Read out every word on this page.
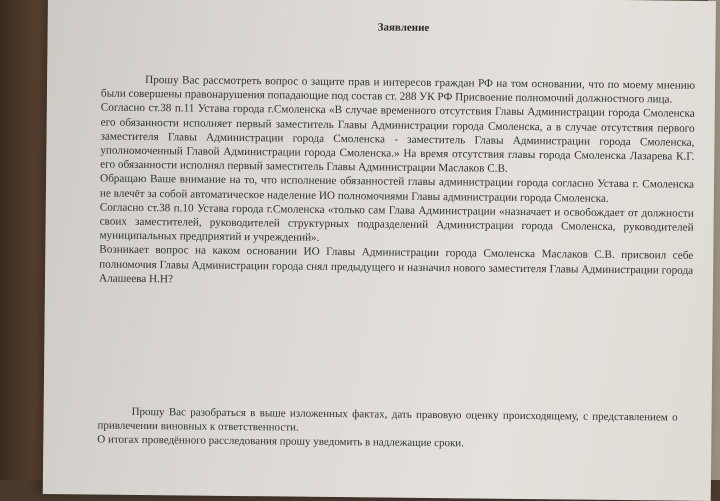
Заявление

Прошу Вас рассмотреть вопрос о защите прав и интересов граждан РФ на том основании, что по моему мнению были совершены правонарушения попадающие под состав ст. 288 УК РФ Присвоение полномочий должностного лица.

Согласно ст.38 п.11 Устава города г.Смоленска «В случае временного отсутствия Главы Администрации города Смоленска его обязанности исполняет первый заместитель Главы Администрации города Смоленска, а в случае отсутствия первого заместителя Главы Администрации города Смоленска - заместитель Главы Администрации города Смоленска, уполномоченный Главой Администрации города Смоленска.» На время отсутствия главы города Смоленска Лазарева К.Г. его обязанности исполнял первый заместитель Главы Администрации Маслаков С.В.

Обращаю Ваше внимание на то, что исполнение обязанностей главы администрации города согласно Устава г. Смоленска не влечёт за собой автоматическое наделение ИО полномочиями Главы администрации города Смоленска.

Согласно ст.38 п.10 Устава города г.Смоленска «только сам Глава Администрации «назначает и освобождает от должности своих заместителей, руководителей структурных подразделений Администрации города Смоленска, руководителей муниципальных предприятий и учреждений».

Возникает вопрос на каком основании ИО Главы Администрации города Смоленска Маслаков С.В. присвоил себе полномочия Главы Администрации города снял предыдущего и назначил нового заместителя Главы Администрации города Алашеева Н.Н?

Прошу Вас разобраться в выше изложенных фактах, дать правовую оценку происходящему, с представлением о привлечении виновных к ответственности.

О итогах проведённого расследования прошу уведомить в надлежащие сроки.
